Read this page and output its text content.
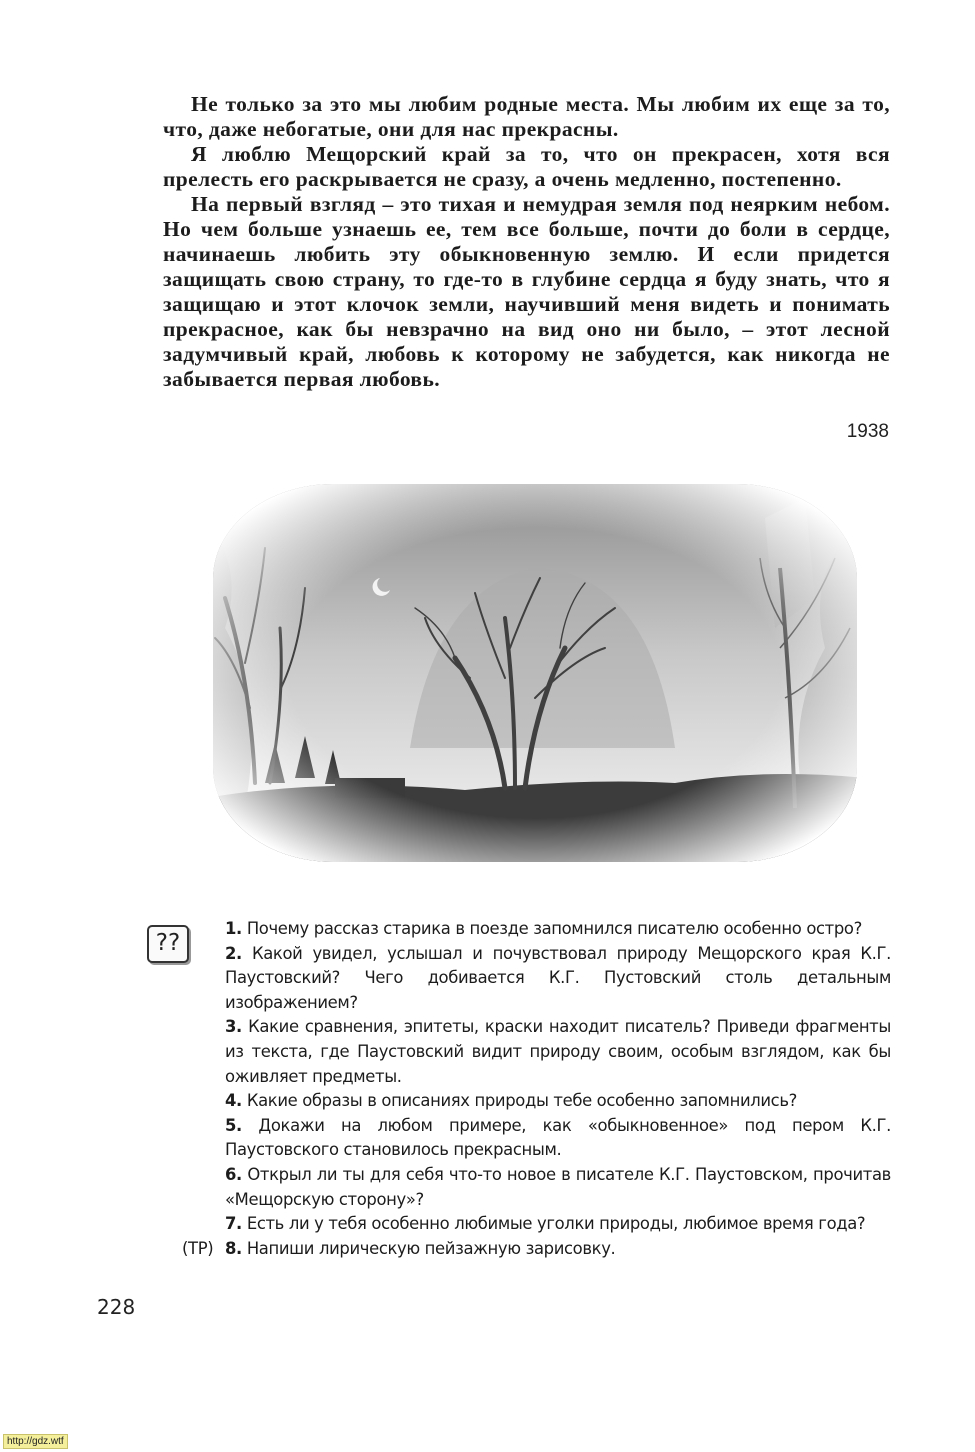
Не только за это мы любим родные места. Мы любим их еще за то, что, даже небогатые, они для нас прекрасны.

Я люблю Мещорский край за то, что он прекрасен, хотя вся прелесть его раскрывается не сразу, а очень медленно, постепенно.

На первый взгляд – это тихая и немудрая земля под неярким небом. Но чем больше узнаешь ее, тем все больше, почти до боли в сердце, начинаешь любить эту обыкновенную землю. И если придется защищать свою страну, то где-то в глубине сердца я буду знать, что я защищаю и этот клочок земли, научивший меня видеть и понимать прекрасное, как бы невзрачно на вид оно ни было, – этот лесной задумчивый край, любовь к которому не забудется, как никогда не забывается первая любовь.

1938
??

1. Почему рассказ старика в поезде запомнился писателю особенно остро?

2. Какой увидел, услышал и почувствовал природу Мещорского края К.Г. Паустовский? Чего добивается К.Г. Пустовский столь детальным изображением?

3. Какие сравнения, эпитеты, краски находит писатель? Приведи фрагменты из текста, где Паустовский видит природу своим, особым взглядом, как бы оживляет предметы.

4. Какие образы в описаниях природы тебе особенно запомнились?

5. Докажи на любом примере, как «обыкновенное» под пером К.Г. Паустовского становилось прекрасным.

6. Открыл ли ты для себя что-то новое в писателе К.Г. Паустовском, прочитав «Мещорскую сторону»?

7. Есть ли у тебя особенно любимые уголки природы, любимое время года?

(ТР) 8. Напиши лирическую пейзажную зарисовку.

228
http://gdz.wtf
